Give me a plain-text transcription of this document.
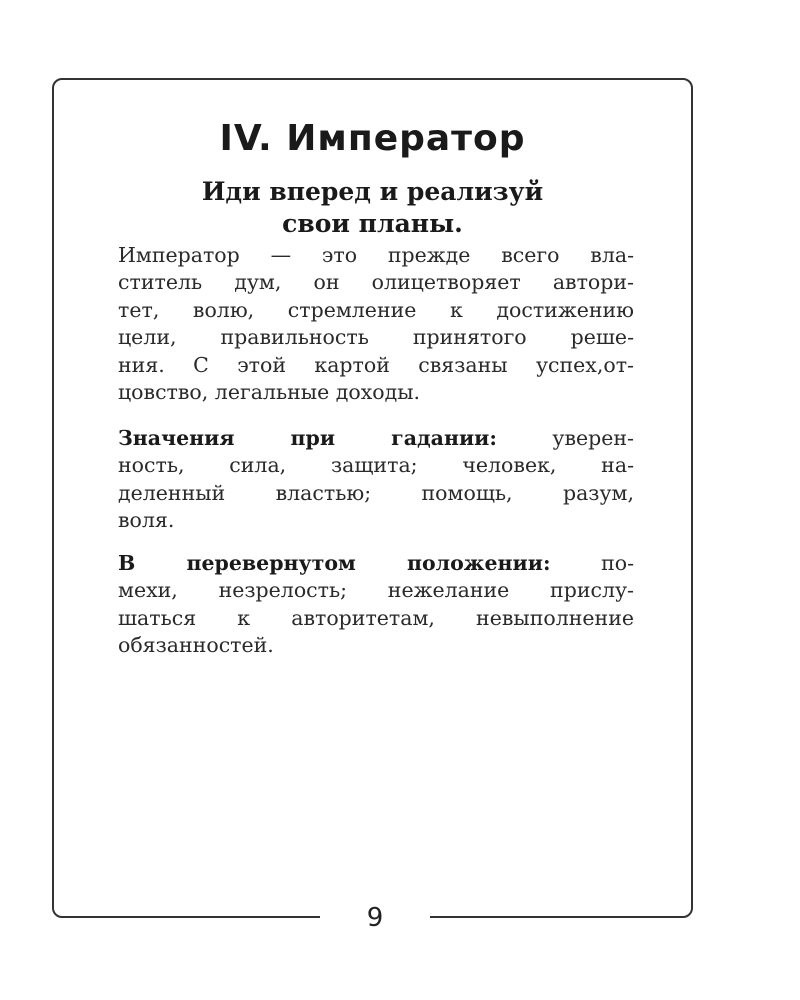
IV. Император
Иди вперед и реализуй
свои планы.

Император — это прежде всего вла-
ститель дум, он олицетворяет автори-
тет, волю, стремление к достижению
цели, правильность принятого реше-
ния. С этой картой связаны успех,от-
цовство, легальные доходы.

Значения при гадании: уверен-
ность, сила, защита; человек, на-
деленный властью; помощь, разум,
воля.

В перевернутом положении: по-
мехи, незрелость; нежелание прислу-
шаться к авторитетам, невыполнение
обязанностей.

9
